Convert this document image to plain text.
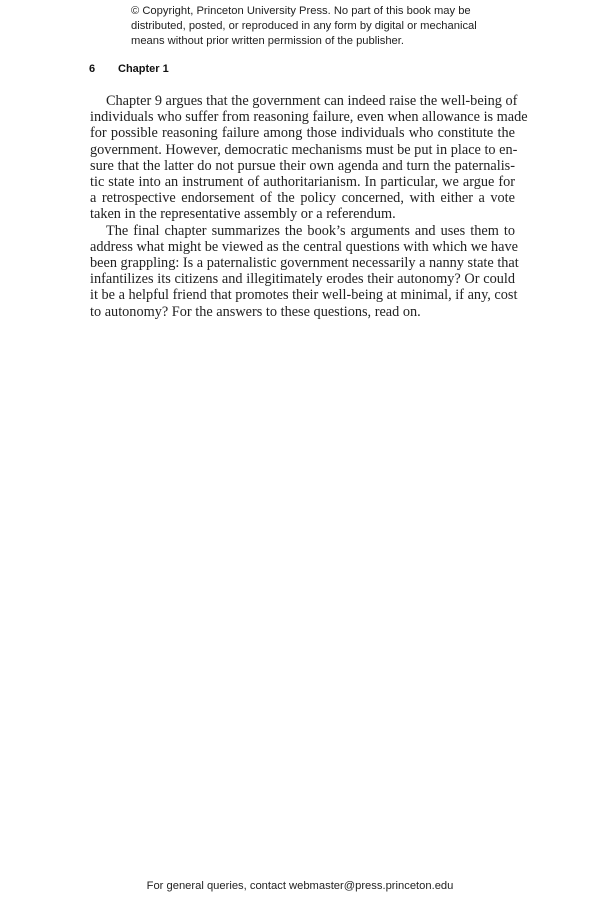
© Copyright, Princeton University Press. No part of this book may be
distributed, posted, or reproduced in any form by digital or mechanical
means without prior written permission of the publisher.
6 Chapter 1
Chapter 9 argues that the government can indeed raise the well-being of
individuals who suffer from reasoning failure, even when allowance is made
for possible reasoning failure among those individuals who constitute the
government. However, democratic mechanisms must be put in place to en-
sure that the latter do not pursue their own agenda and turn the paternalis-
tic state into an instrument of authoritarianism. In particular, we argue for
a retrospective endorsement of the policy concerned, with either a vote
taken in the representative assembly or a referendum.
The final chapter summarizes the book’s arguments and uses them to
address what might be viewed as the central questions with which we have
been grappling: Is a paternalistic government necessarily a nanny state that
infantilizes its citizens and illegitimately erodes their autonomy? Or could
it be a helpful friend that promotes their well-being at minimal, if any, cost
to autonomy? For the answers to these questions, read on.
For general queries, contact webmaster@press.princeton.edu
